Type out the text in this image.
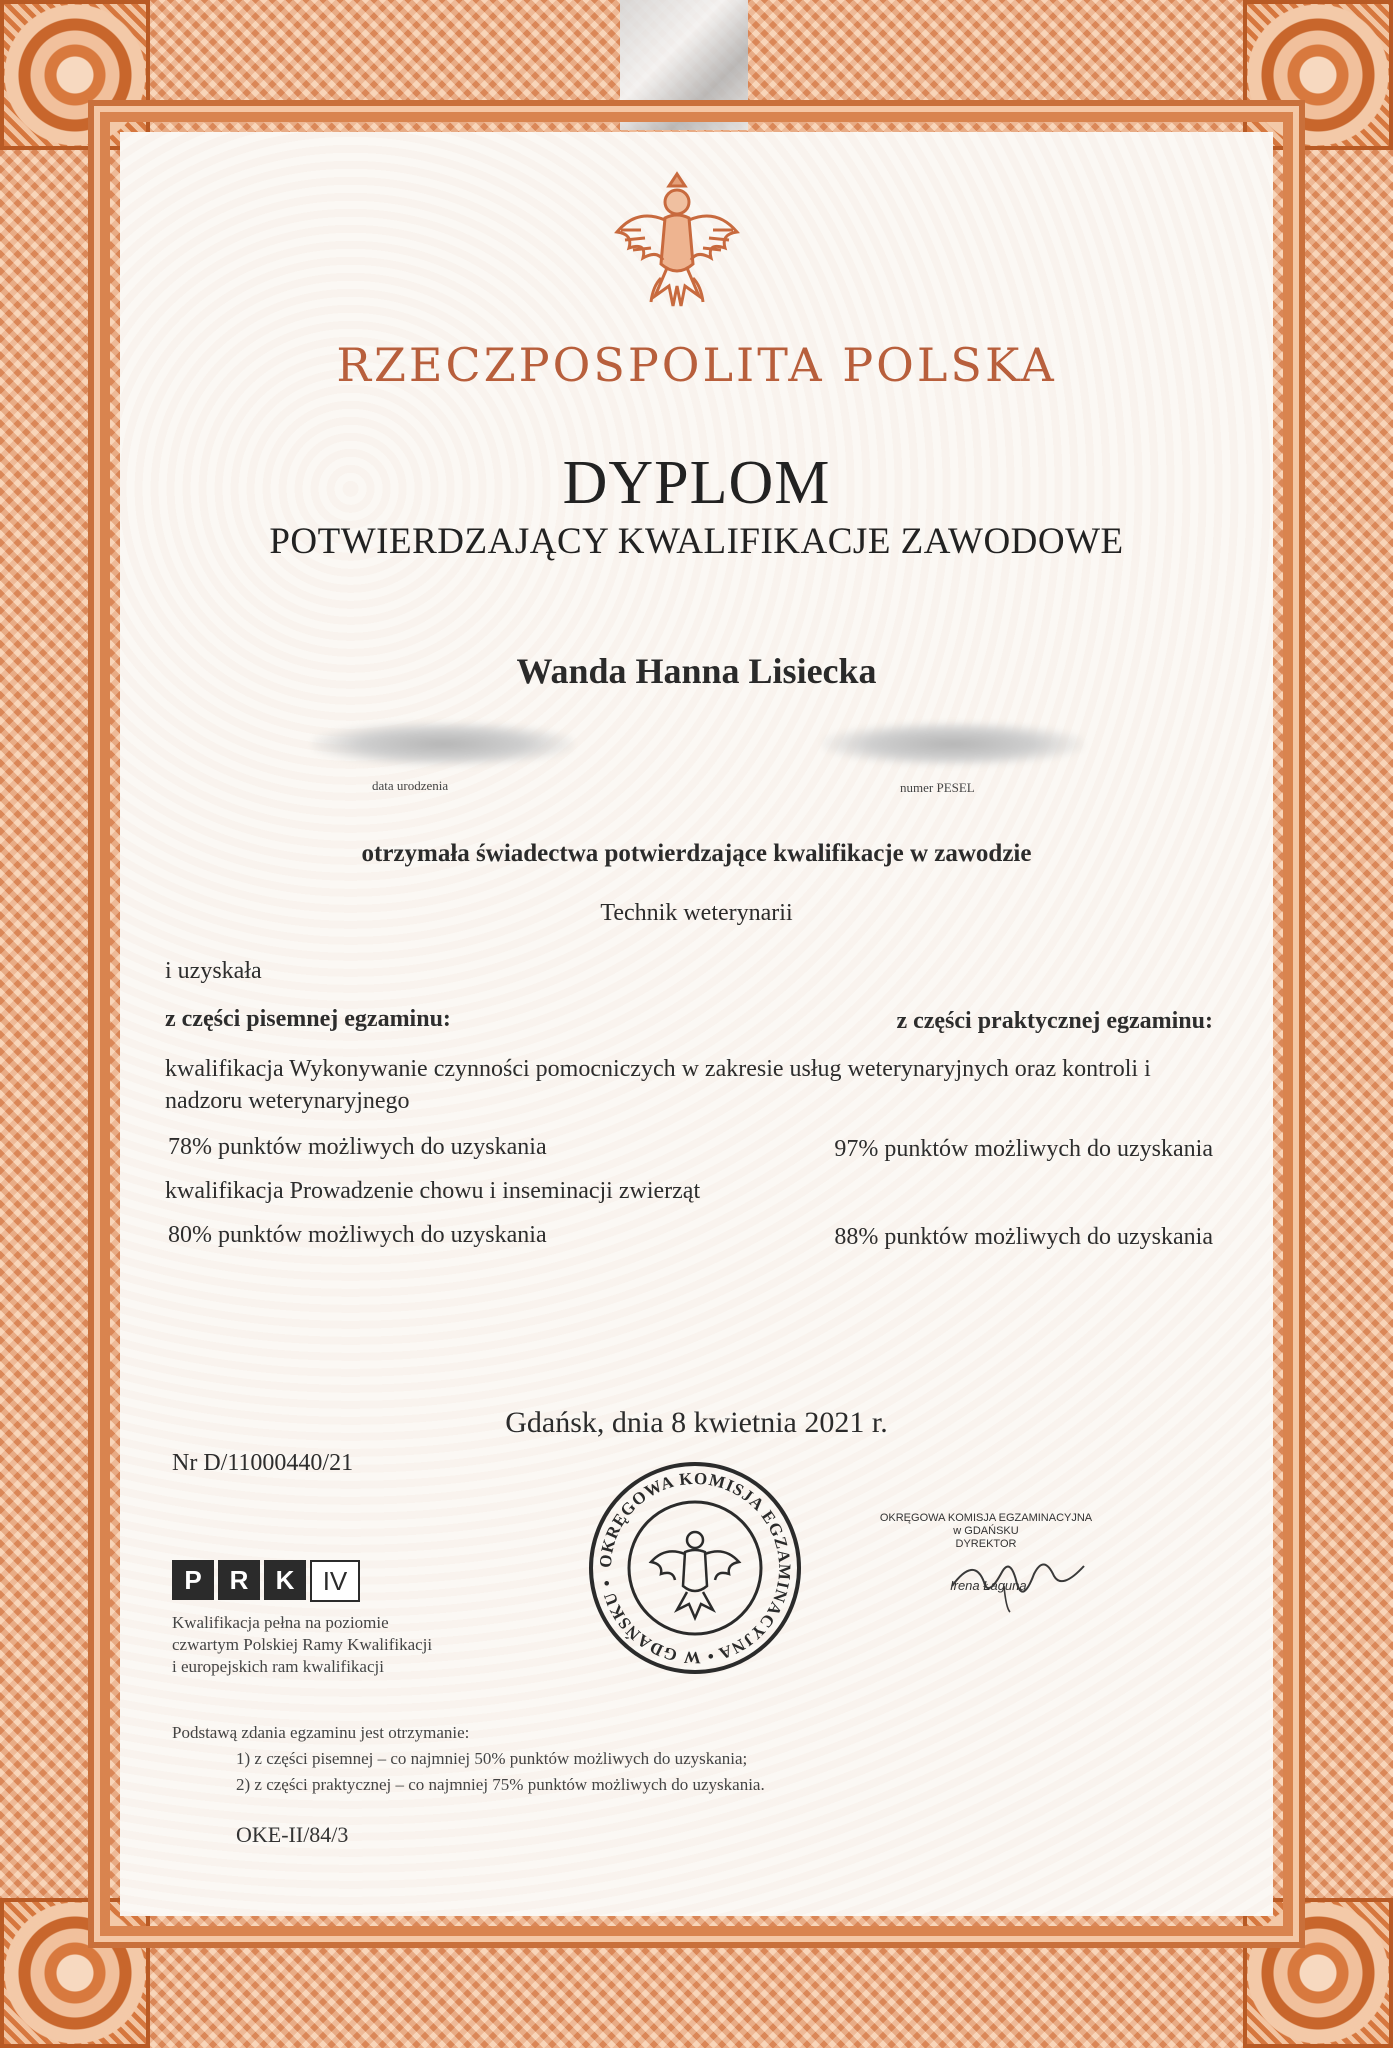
RZECZPOSPOLITA POLSKA
DYPLOM
POTWIERDZAJĄCY KWALIFIKACJE ZAWODOWE
Wanda Hanna Lisiecka
data urodzenia	numer PESEL
otrzymała świadectwa potwierdzające kwalifikacje w zawodzie
Technik weterynarii
i uzyskała
z części pisemnej egzaminu:	z części praktycznej egzaminu:
kwalifikacja Wykonywanie czynności pomocniczych w zakresie usług weterynaryjnych oraz kontroli i
nadzoru weterynaryjnego
78% punktów możliwych do uzyskania	97% punktów możliwych do uzyskania
kwalifikacja Prowadzenie chowu i inseminacji zwierząt
80% punktów możliwych do uzyskania	88% punktów możliwych do uzyskania
Gdańsk, dnia 8 kwietnia 2021 r.
Nr D/11000440/21
P	R	K	IV
Kwalifikacja pełna na poziomie
czwartym Polskiej Ramy Kwalifikacji
i europejskich ram kwalifikacji
OKRĘGOWA KOMISJA EGZAMINACYJNA • W GDAŃSKU •
OKRĘGOWA KOMISJA EGZAMINACYJNA
w GDAŃSKU
DYREKTOR
Irena Łaguna
Podstawą zdania egzaminu jest otrzymanie:
1) z części pisemnej – co najmniej 50% punktów możliwych do uzyskania;
2) z części praktycznej – co najmniej 75% punktów możliwych do uzyskania.
OKE-II/84/3
